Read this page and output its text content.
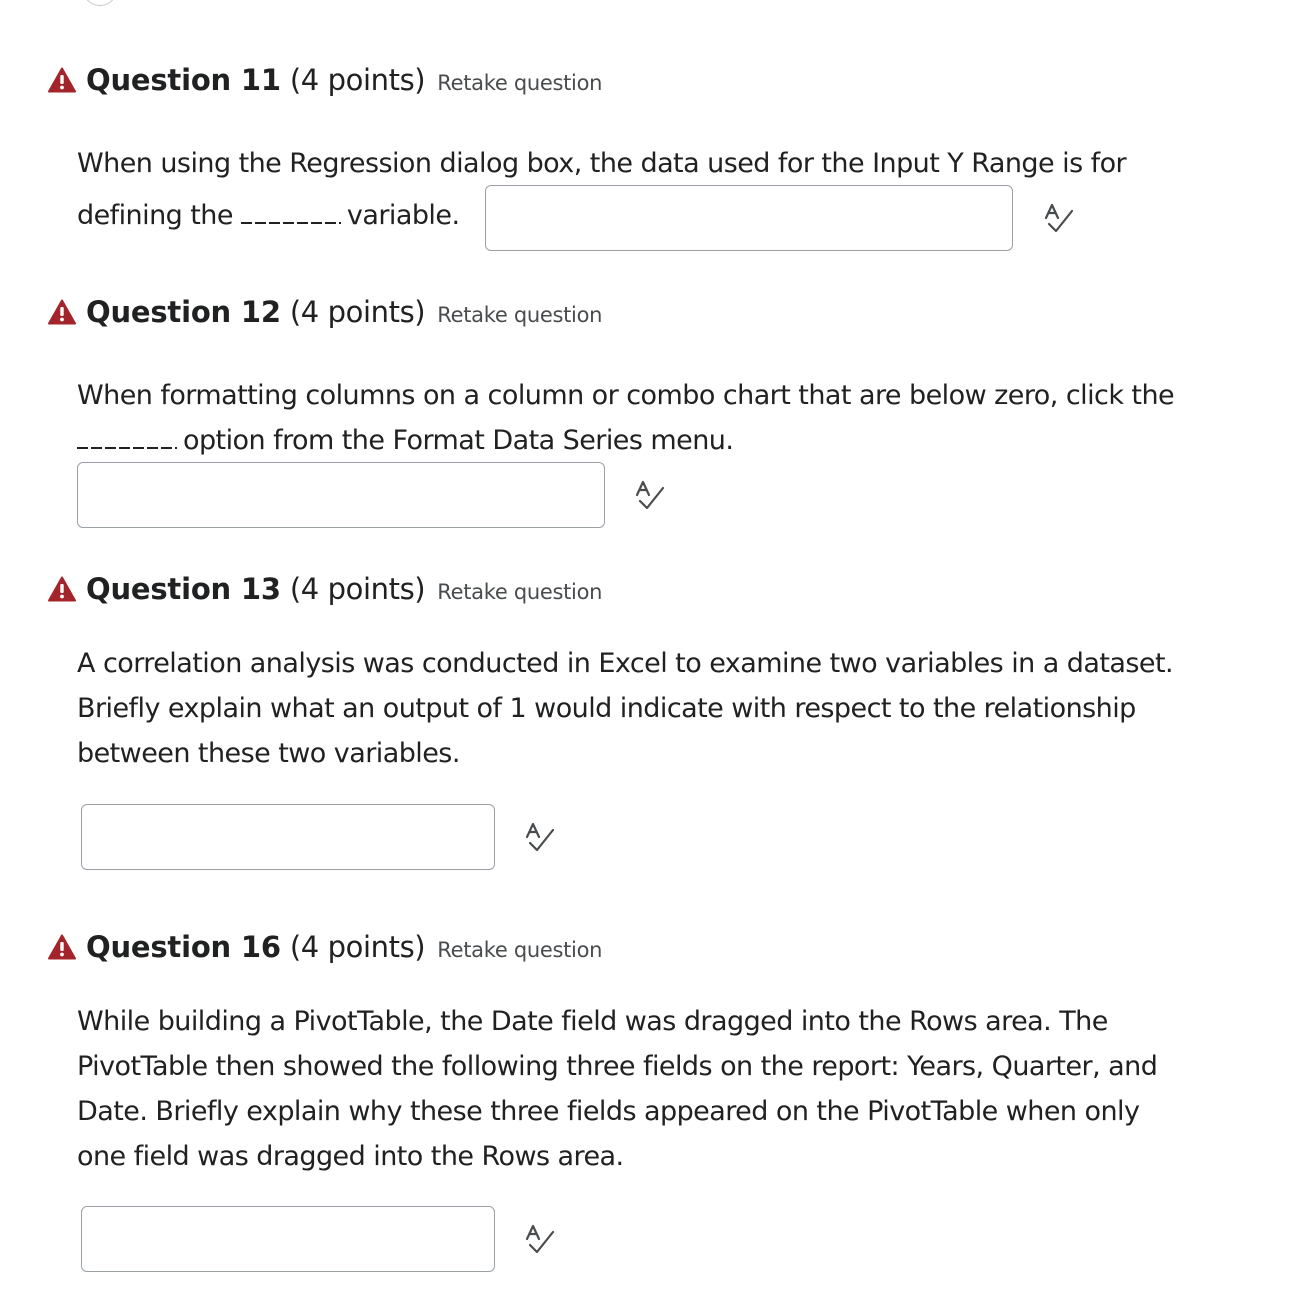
Question 11 (4 points) Retake question
When using the Regression dialog box, the data used for the Input Y Range is for
defining the	variable.
Question 12 (4 points) Retake question
When formatting columns on a column or combo chart that are below zero, click the
option from the Format Data Series menu.
Question 13 (4 points) Retake question
A correlation analysis was conducted in Excel to examine two variables in a dataset.
Briefly explain what an output of 1 would indicate with respect to the relationship
between these two variables.
Question 16 (4 points) Retake question
While building a PivotTable, the Date field was dragged into the Rows area. The
PivotTable then showed the following three fields on the report: Years, Quarter, and
Date. Briefly explain why these three fields appeared on the PivotTable when only
one field was dragged into the Rows area.
